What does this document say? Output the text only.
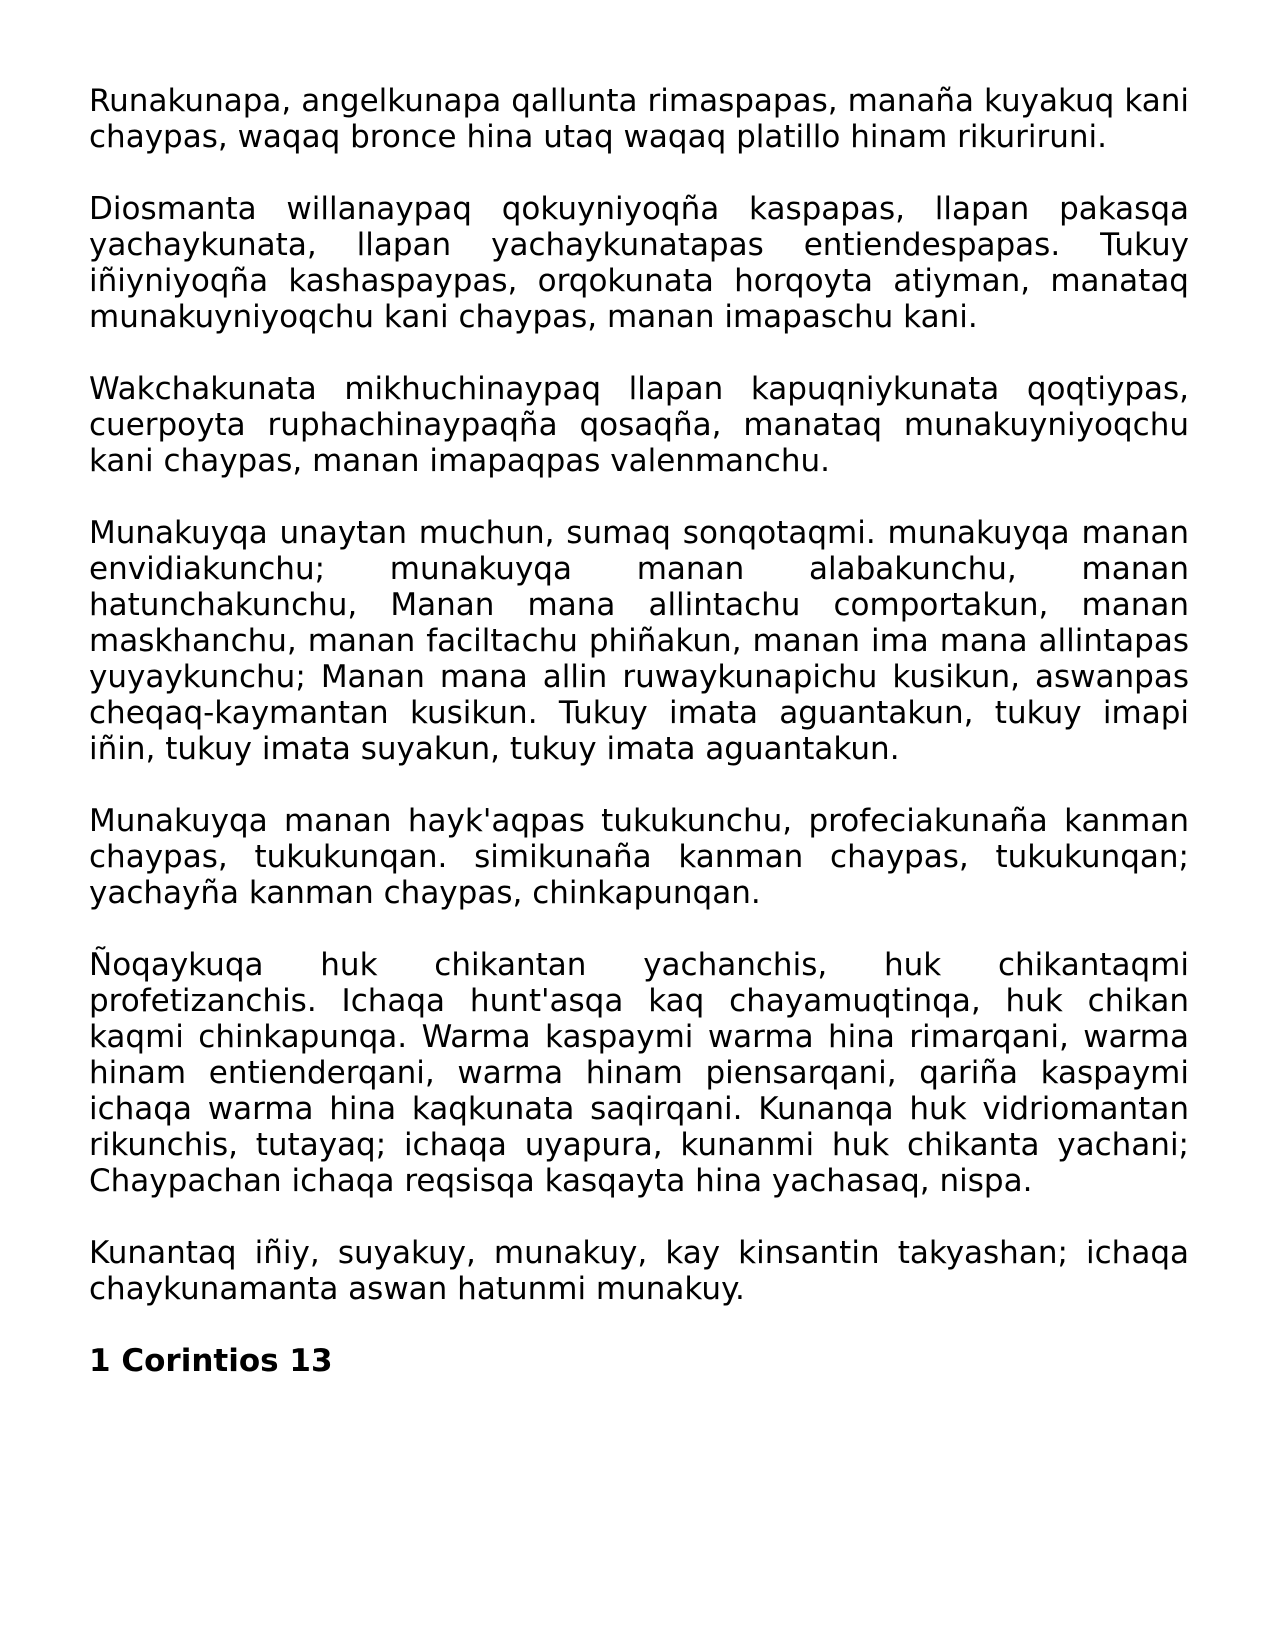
Runakunapa, angelkunapa qallunta rimaspapas, manaña kuyakuq kani chaypas, waqaq bronce hina utaq waqaq platillo hinam rikuriruni.

Diosmanta willanaypaq qokuyniyoqña kaspapas, llapan pakasqa yachaykunata, llapan yachaykunatapas entiendespapas. Tukuy iñiyniyoqña kashaspaypas, orqokunata horqoyta atiyman, manataq munakuyniyoqchu kani chaypas, manan imapaschu kani.

Wakchakunata mikhuchinaypaq llapan kapuqniykunata qoqtiypas, cuerpoyta ruphachinaypaqña qosaqña, manataq munakuyniyoqchu kani chaypas, manan imapaqpas valenmanchu.

Munakuyqa unaytan muchun, sumaq sonqotaqmi. munakuyqa manan envidiakunchu; munakuyqa manan alabakunchu, manan hatunchakunchu, Manan mana allintachu comportakun, manan maskhanchu, manan faciltachu phiñakun, manan ima mana allintapas yuyaykunchu; Manan mana allin ruwaykunapichu kusikun, aswanpas cheqaq-kaymantan kusikun. Tukuy imata aguantakun, tukuy imapi iñin, tukuy imata suyakun, tukuy imata aguantakun.

Munakuyqa manan hayk'aqpas tukukunchu, profeciakunaña kanman chaypas, tukukunqan. simikunaña kanman chaypas, tukukunqan; yachayña kanman chaypas, chinkapunqan.

Ñoqaykuqa huk chikantan yachanchis, huk chikantaqmi profetizanchis. Ichaqa hunt'asqa kaq chayamuqtinqa, huk chikan kaqmi chinkapunqa. Warma kaspaymi warma hina rimarqani, warma hinam entienderqani, warma hinam piensarqani, qariña kaspaymi ichaqa warma hina kaqkunata saqirqani. Kunanqa huk vidriomantan rikunchis, tutayaq; ichaqa uyapura, kunanmi huk chikanta yachani; Chaypachan ichaqa reqsisqa kasqayta hina yachasaq, nispa.

Kunantaq iñiy, suyakuy, munakuy, kay kinsantin takyashan; ichaqa chaykunamanta aswan hatunmi munakuy.

1 Corintios 13
